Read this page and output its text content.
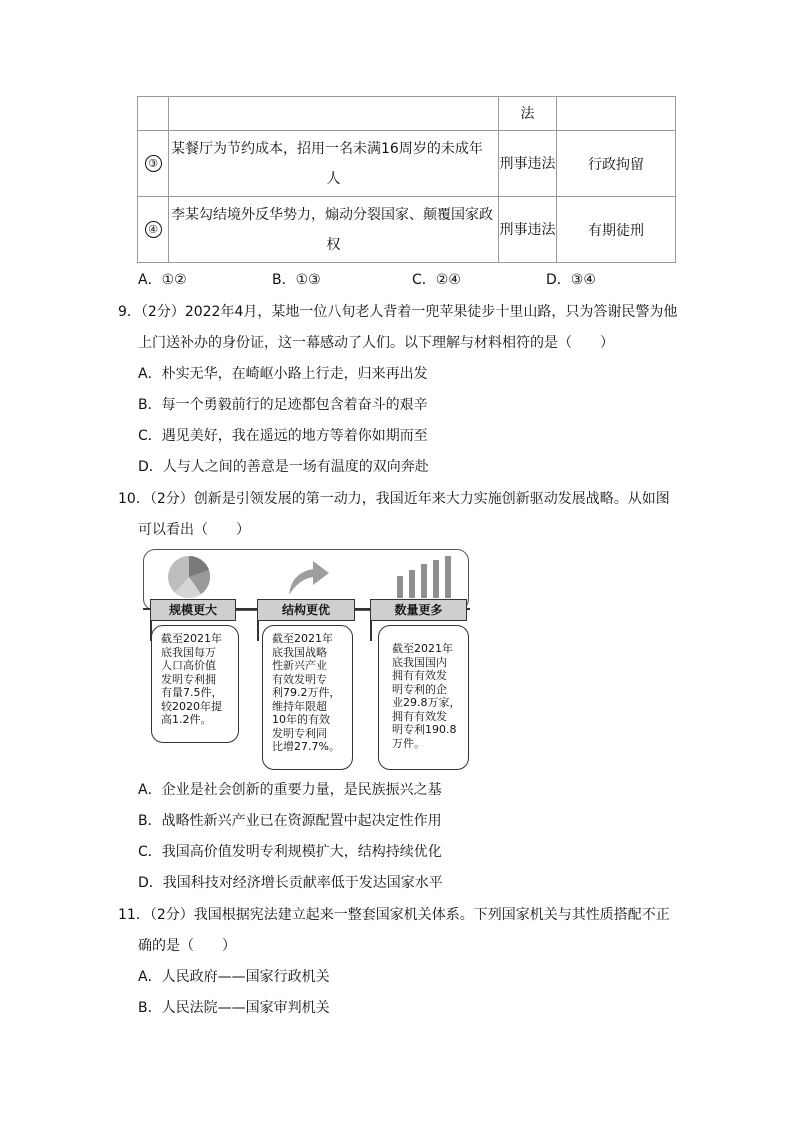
		法	
③	某餐厅为节约成本，招用一名未满16周岁的未成年人	刑事违法	行政拘留
④	李某勾结境外反华势力，煽动分裂国家、颠覆国家政权	刑事违法	有期徒刑
A．①②	B．①③	C．②④	D．③④
9．（2分）2022年4月，某地一位八旬老人背着一兜苹果徒步十里山路，只为答谢民警为他
上门送补办的身份证，这一幕感动了人们。以下理解与材料相符的是（　　）
A．朴实无华，在崎岖小路上行走，归来再出发
B．每一个勇毅前行的足迹都包含着奋斗的艰辛
C．遇见美好，我在遥远的地方等着你如期而至
D．人与人之间的善意是一场有温度的双向奔赴
10．（2分）创新是引领发展的第一动力，我国近年来大力实施创新驱动发展战略。从如图
可以看出（　　）
规模更大	结构更优	数量更多
截至2021年
底我国每万
人口高价值
发明专利拥
有量7.5件，
较2020年提
高1.2件。
截至2021年
底我国战略
性新兴产业
有效发明专
利79.2万件，
维持年限超
10年的有效
发明专利同
比增27.7%。
截至2021年
底我国国内
拥有有效发
明专利的企
业29.8万家，
拥有有效发
明专利190.8
万件。
A．企业是社会创新的重要力量，是民族振兴之基
B．战略性新兴产业已在资源配置中起决定性作用
C．我国高价值发明专利规模扩大，结构持续优化
D．我国科技对经济增长贡献率低于发达国家水平
11．（2分）我国根据宪法建立起来一整套国家机关体系。下列国家机关与其性质搭配不正
确的是（　　）
A．人民政府——国家行政机关
B．人民法院——国家审判机关
